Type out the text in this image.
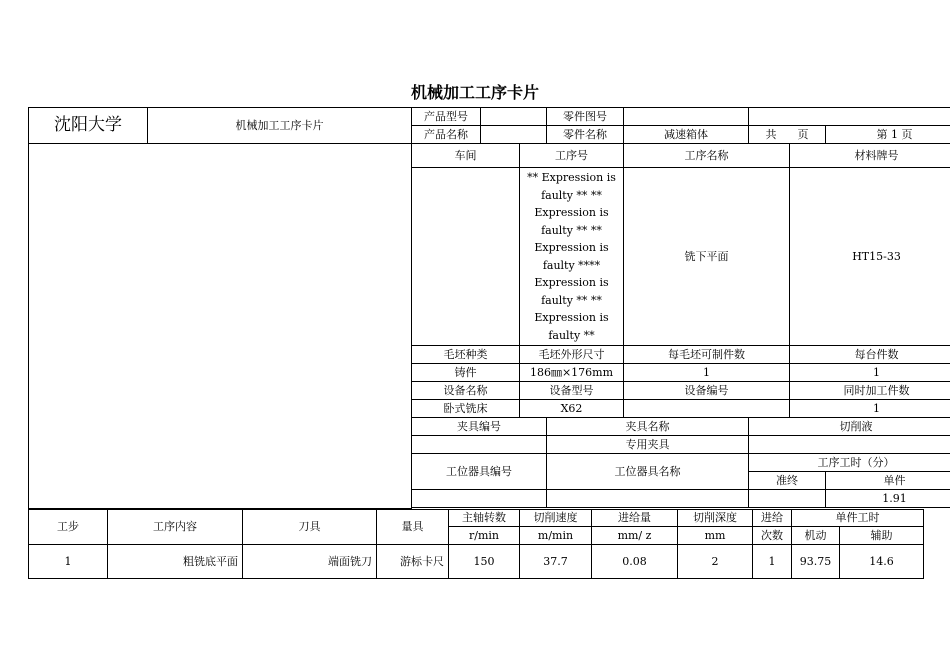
机械加工工序卡片
沈阳大学	机械加工工序卡片	产品型号			零件图号				
		产品名称			零件名称	减速箱体	共      页		第 1 页
		车间		工序号		工序名称		材料牌号	
				** Expression is faulty ** ** Expression is faulty ** ** Expression is faulty **** Expression is faulty ** ** Expression is faulty **		铣下平面		HT15-33	
		毛坯种类		毛坯外形尺寸		每毛坯可制件数		每台件数	
		铸件		186㎜×176mm		1		1	
		设备名称		设备型号		设备编号		同时加工件数	
		卧式铣床		X62				1	
		夹具编号			夹具名称		切削液		
					专用夹具				
		工位器具编号			工位器具名称		工序工时（分）		
							准终		单件
									1.91

工步	工序内容	刀具	量具	主轴转数	切削速度	进给量	切削深度	进给	单件工时	
				r/min	m/min	mm/ z	mm	次数	机动	辅助
1	粗铣底平面	端面铣刀	游标卡尺	150	37.7	0.08	2	1	93.75	14.6
